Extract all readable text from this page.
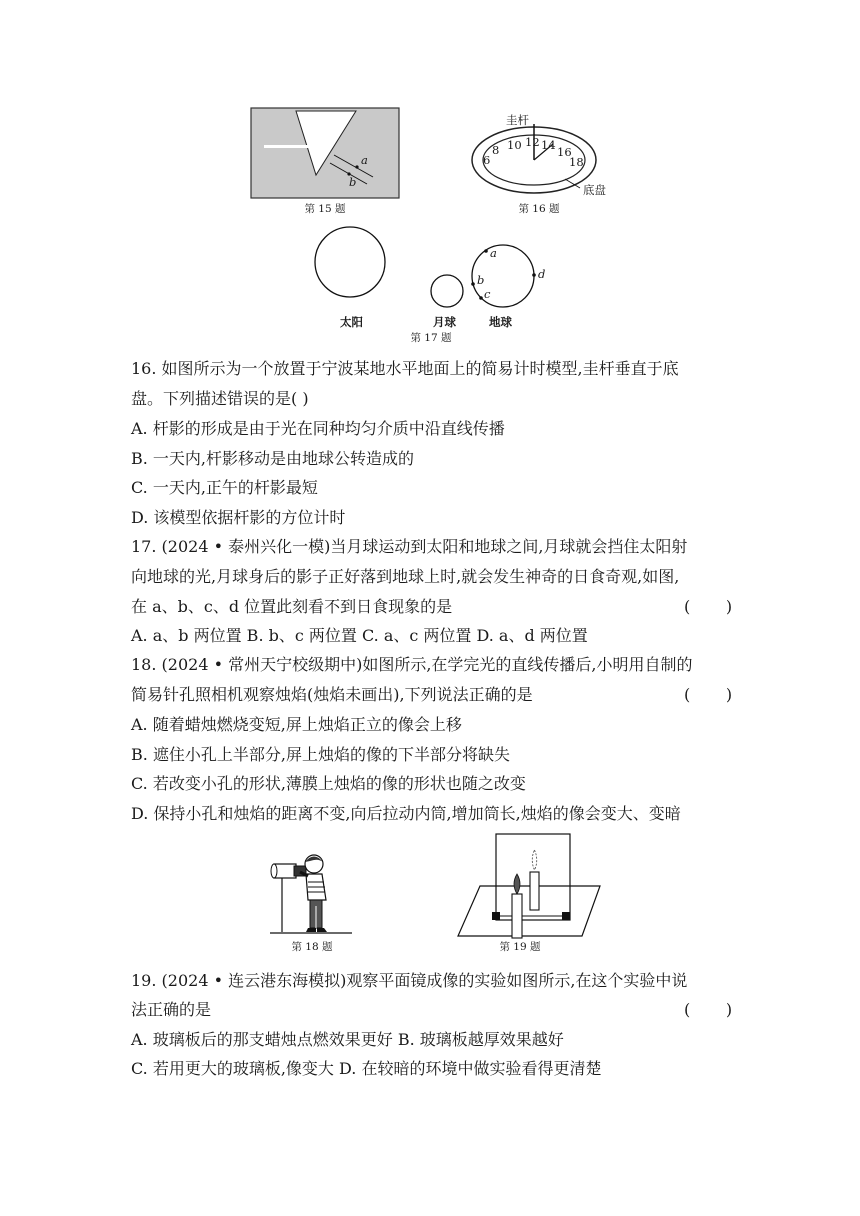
a
b
第 15 题
圭杆
6
8 10 12 14 16
18
底盘
第 16 题
a
b
c
d
太阳	月球	地球
第 17 题
16. 如图所示为一个放置于宁波某地水平地面上的简易计时模型,圭杆垂直于底
盘。下列描述错误的是( )
A. 杆影的形成是由于光在同种均匀介质中沿直线传播
B. 一天内,杆影移动是由地球公转造成的
C. 一天内,正午的杆影最短
D. 该模型依据杆影的方位计时
17. (2024 • 泰州兴化一模)当月球运动到太阳和地球之间,月球就会挡住太阳射
向地球的光,月球身后的影子正好落到地球上时,就会发生神奇的日食奇观,如图,
在 a、b、c、d 位置此刻看不到日食现象的是	(       )
A. a、b 两位置 B. b、c 两位置 C. a、c 两位置 D. a、d 两位置
18. (2024 • 常州天宁校级期中)如图所示,在学完光的直线传播后,小明用自制的
简易针孔照相机观察烛焰(烛焰未画出),下列说法正确的是	(       )
A. 随着蜡烛燃烧变短,屏上烛焰正立的像会上移
B. 遮住小孔上半部分,屏上烛焰的像的下半部分将缺失
C. 若改变小孔的形状,薄膜上烛焰的像的形状也随之改变
D. 保持小孔和烛焰的距离不变,向后拉动内筒,增加筒长,烛焰的像会变大、变暗
第 18 题	第 19 题
19. (2024 • 连云港东海模拟)观察平面镜成像的实验如图所示,在这个实验中说
法正确的是	(       )
A. 玻璃板后的那支蜡烛点燃效果更好 B. 玻璃板越厚效果越好
C. 若用更大的玻璃板,像变大 D. 在较暗的环境中做实验看得更清楚
